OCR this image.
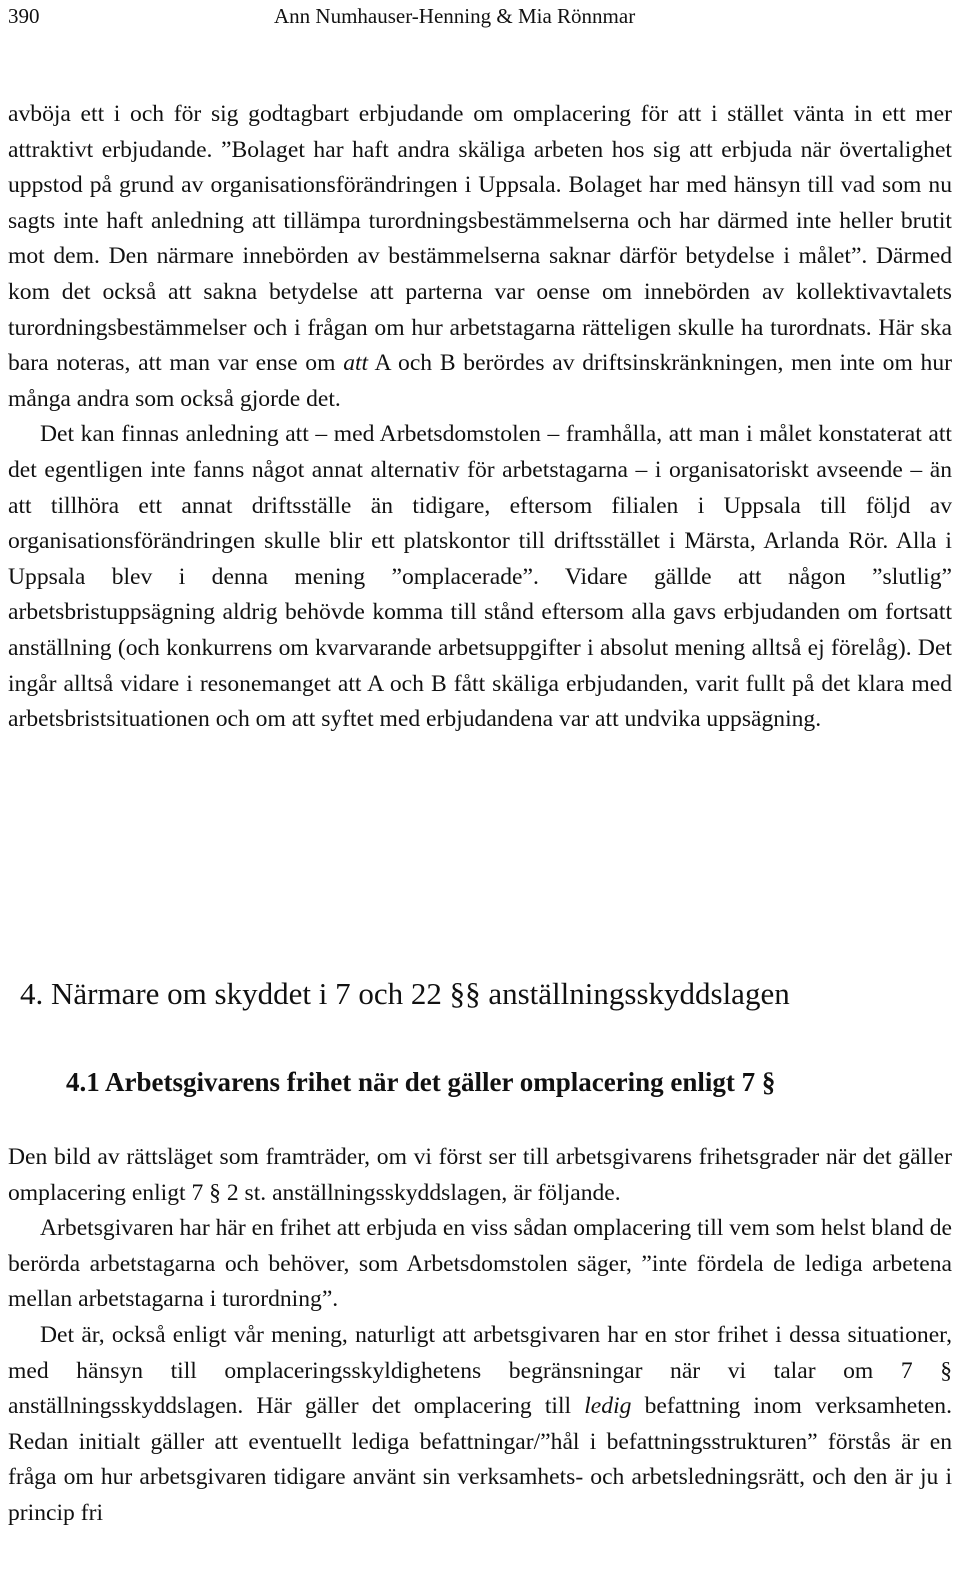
390	Ann Numhauser-Henning & Mia Rönnmar

avböja ett i och för sig godtagbart erbjudande om omplacering för att i stället vänta in ett mer attraktivt erbjudande. ”Bolaget har haft andra skäliga arbeten hos sig att erbjuda när övertalighet uppstod på grund av organisationsförändringen i Uppsala. Bolaget har med hänsyn till vad som nu sagts inte haft anledning att tillämpa turordningsbestämmelserna och har därmed inte heller brutit mot dem. Den närmare innebörden av bestämmelserna saknar därför betydelse i målet”. Därmed kom det också att sakna betydelse att parterna var oense om innebörden av kollektivavtalets turordningsbestämmelser och i frågan om hur arbetstagarna rätteligen skulle ha turordnats. Här ska bara noteras, att man var ense om att A och B berördes av driftsinskränkningen, men inte om hur många andra som också gjorde det.

Det kan finnas anledning att – med Arbetsdomstolen – framhålla, att man i målet konstaterat att det egentligen inte fanns något annat alternativ för arbetstagarna – i organisatoriskt avseende – än att tillhöra ett annat driftsställe än tidigare, eftersom filialen i Uppsala till följd av organisationsförändringen skulle blir ett platskontor till driftsstället i Märsta, Arlanda Rör. Alla i Uppsala blev i denna mening ”omplacerade”. Vidare gällde att någon ”slutlig” arbetsbristuppsägning aldrig behövde komma till stånd eftersom alla gavs erbjudanden om fortsatt anställning (och konkurrens om kvarvarande arbetsuppgifter i absolut mening alltså ej förelåg). Det ingår alltså vidare i resonemanget att A och B fått skäliga erbjudanden, varit fullt på det klara med arbetsbristsituationen och om att syftet med erbjudandena var att undvika uppsägning.

4. Närmare om skyddet i 7 och 22 §§ anställningsskyddslagen
4.1 Arbetsgivarens frihet när det gäller omplacering enligt 7 §

Den bild av rättsläget som framträder, om vi först ser till arbetsgivarens frihetsgrader när det gäller omplacering enligt 7 § 2 st. anställningsskyddslagen, är följande.

Arbetsgivaren har här en frihet att erbjuda en viss sådan omplacering till vem som helst bland de berörda arbetstagarna och behöver, som Arbetsdomstolen säger, ”inte fördela de lediga arbetena mellan arbetstagarna i turordning”.

Det är, också enligt vår mening, naturligt att arbetsgivaren har en stor frihet i dessa situationer, med hänsyn till omplaceringsskyldighetens begränsningar när vi talar om 7 § anställningsskyddslagen. Här gäller det omplacering till ledig befattning inom verksamheten. Redan initialt gäller att eventuellt lediga befattningar/”hål i befattningsstrukturen” förstås är en fråga om hur arbetsgivaren tidigare använt sin verksamhets- och arbetsledningsrätt, och den är ju i princip fri
